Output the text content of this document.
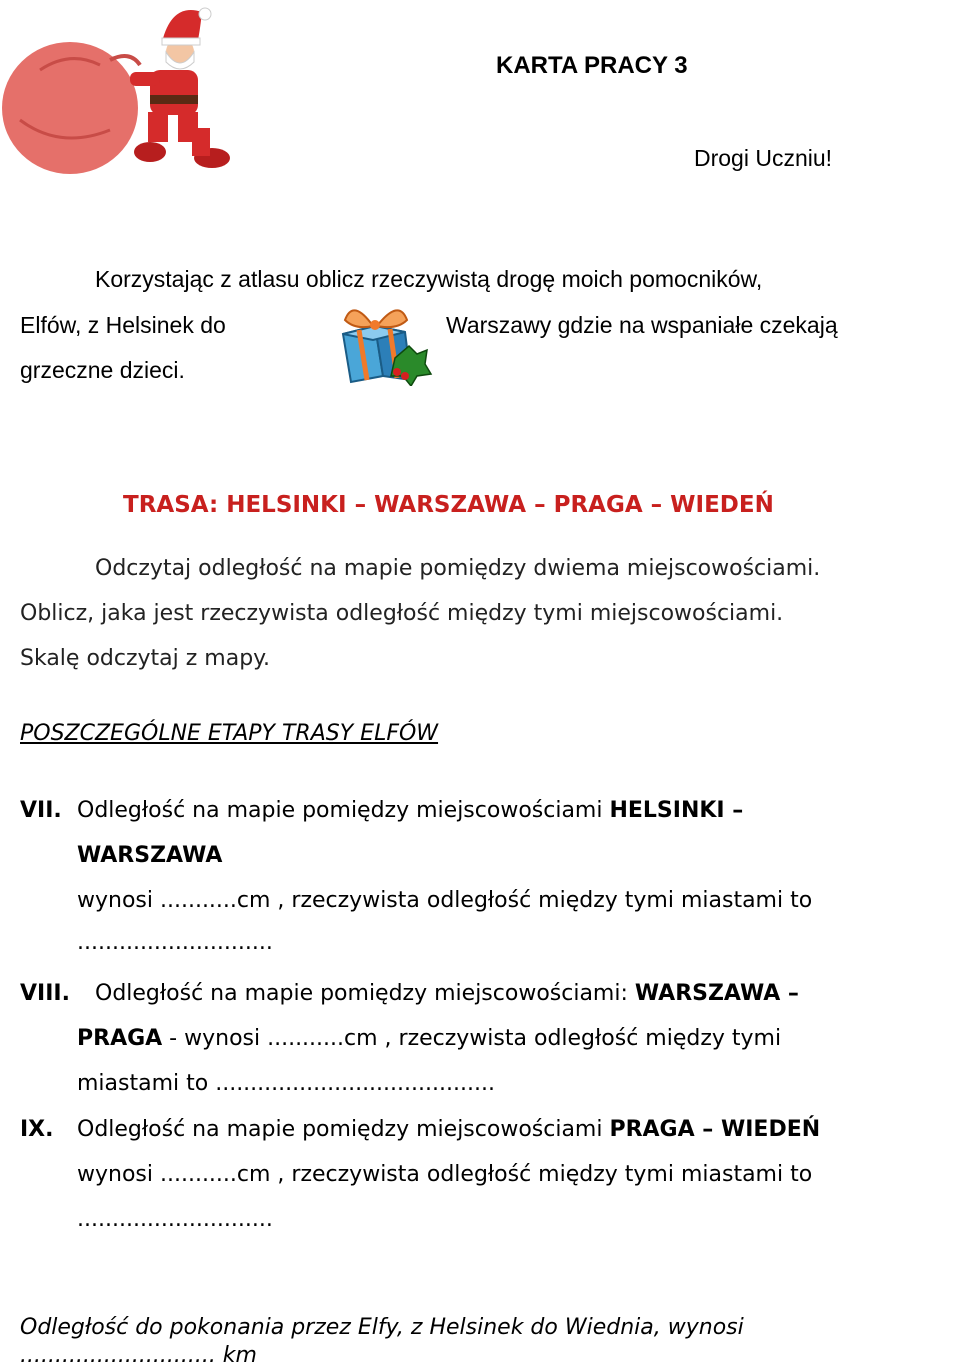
KARTA PRACY 3
Drogi Uczniu!
Korzystając z atlasu oblicz rzeczywistą drogę moich pomocników,
Elfów, z Helsinek do	Warszawy gdzie na wspaniałe czekają
grzeczne dzieci.
TRASA: HELSINKI – WARSZAWA – PRAGA – WIEDEŃ
Odczytaj odległość na mapie pomiędzy dwiema miejscowościami.
Oblicz, jaka jest rzeczywista odległość między tymi miejscowościami.
Skalę odczytaj z mapy.
POSZCZEGÓLNE ETAPY TRASY ELFÓW
VII. Odległość na mapie pomiędzy miejscowościami HELSINKI –
WARSZAWA
wynosi ...........cm , rzeczywista odległość między tymi miastami to
............................
VIII. Odległość na mapie pomiędzy miejscowościami: WARSZAWA –
PRAGA - wynosi ...........cm , rzeczywista odległość między tymi
miastami to ........................................
IX. Odległość na mapie pomiędzy miejscowościami PRAGA – WIEDEŃ
wynosi ...........cm , rzeczywista odległość między tymi miastami to
............................
Odległość do pokonania przez Elfy, z Helsinek do Wiednia, wynosi
............................ km
